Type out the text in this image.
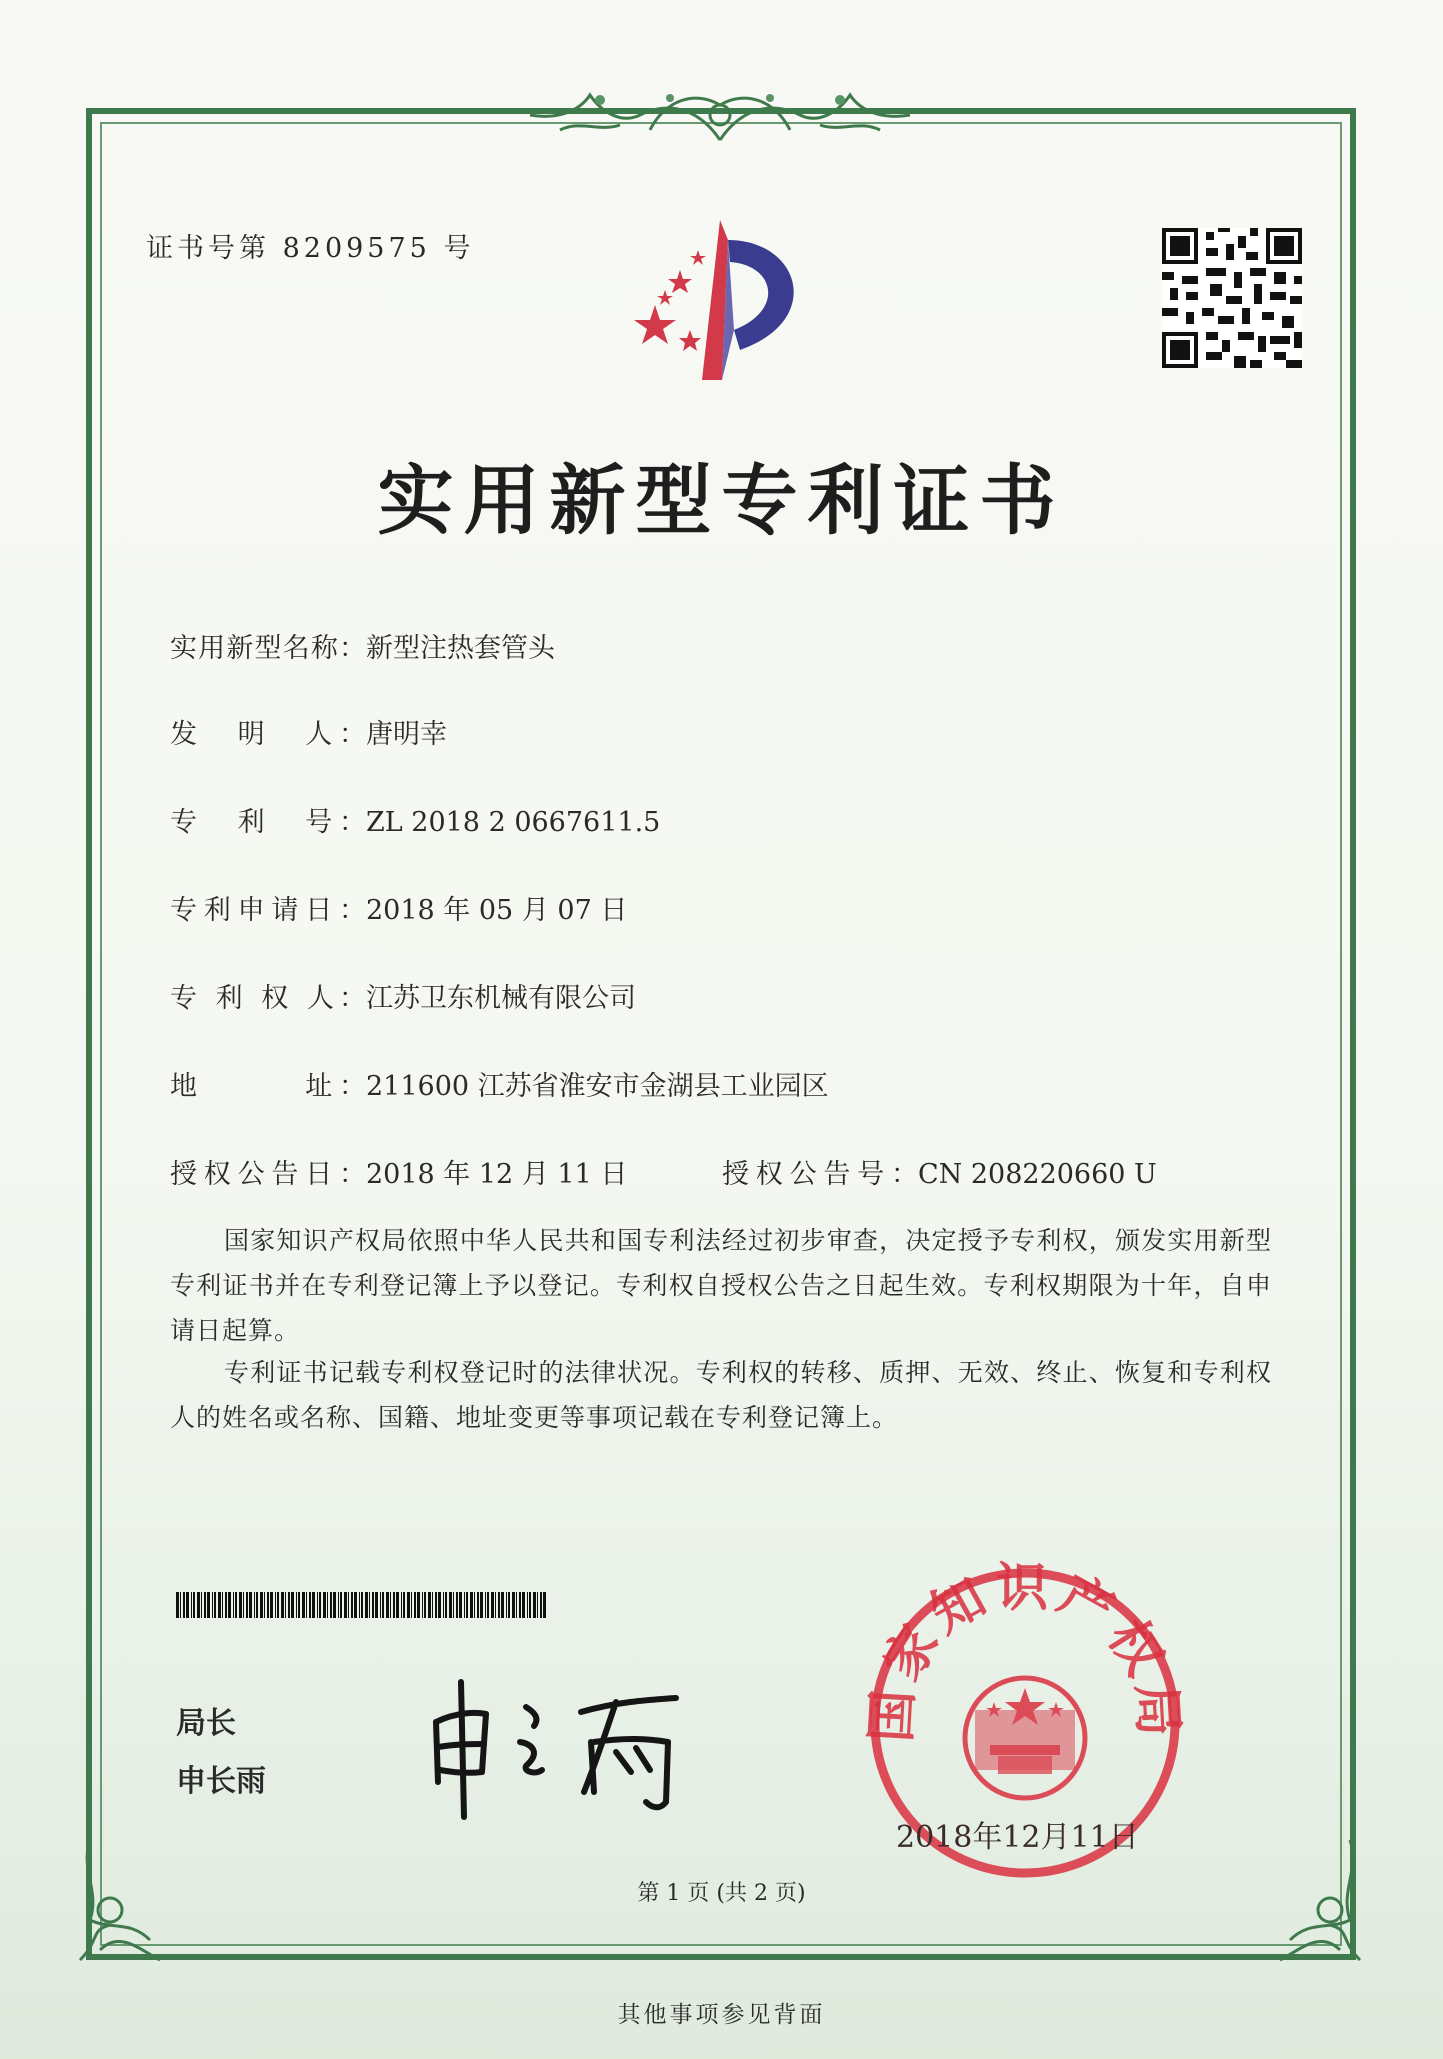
证书号第 8209575 号
实用新型专利证书
实用新型名称：新型注热套管头
发　明　人：唐明幸
专　利　号：ZL 2018 2 0667611.5
专利申请日：2018 年 05 月 07 日
专 利 权 人：江苏卫东机械有限公司
地　　　址：211600 江苏省淮安市金湖县工业园区
授权公告日：2018 年 12 月 11 日	授权公告号：CN 208220660 U
国家知识产权局依照中华人民共和国专利法经过初步审查，决定授予专利权，颁发实用新型专利证书并在专利登记簿上予以登记。专利权自授权公告之日起生效。专利权期限为十年，自申请日起算。
专利证书记载专利权登记时的法律状况。专利权的转移、质押、无效、终止、恢复和专利权人的姓名或名称、国籍、地址变更等事项记载在专利登记簿上。
局长
申长雨
国家知识产权局
2018年12月11日
第 1 页 (共 2 页)
其他事项参见背面
